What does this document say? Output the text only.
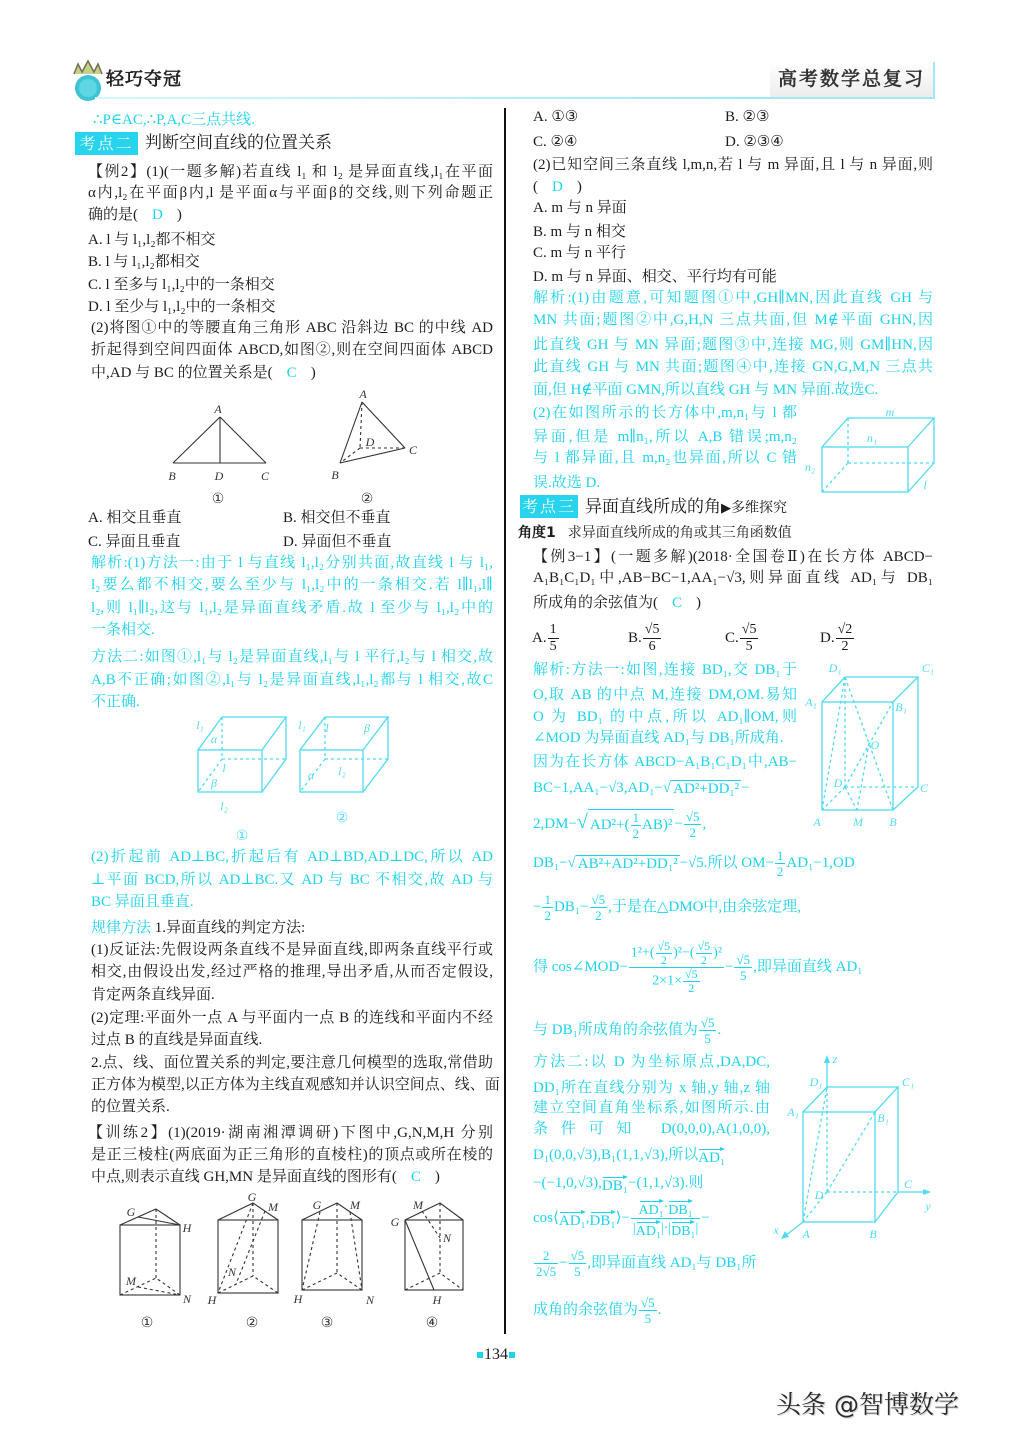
轻巧夺冠	高考数学总复习
∴P∈AC,∴P,A,C三点共线.
考点二 判断空间直线的位置关系
【例2】(1)(一题多解)若直线 l₁ 和 l₂ 是异面直线,l₁在平面
α内,l₂在平面β内,l 是平面α与平面β的交线,则下列命题正
确的是( D )
A. l 与 l₁,l₂都不相交
B. l 与 l₁,l₂都相交
C. l 至多与 l₁,l₂中的一条相交
D. l 至少与 l₁,l₂中的一条相交
(2)将图①中的等腰直角三角形 ABC 沿斜边 BC 的中线 AD
折起得到空间四面体 ABCD,如图②,则在空间四面体 ABCD
中,AD 与 BC 的位置关系是( C )
A. 相交且垂直	B. 相交但不垂直
C. 异面且垂直	D. 异面但不垂直
解析:(1)方法一:由于 l 与直线 l₁,l₂分别共面,故直线 l 与 l₁,
l₂要么都不相交,要么至少与 l₁,l₂中的一条相交.若 l∥l₁,l∥
l₂,则 l₁∥l₂,这与 l₁,l₂是异面直线矛盾.故 l 至少与 l₁,l₂中的
一条相交.
方法二:如图①,l₁与 l₂是异面直线,l₁与 l 平行,l₂与 l 相交,故
A,B不正确;如图②,l₁与 l₂是异面直线,l₁,l₂都与 l 相交,故C
不正确.
(2)折起前 AD⊥BC,折起后有 AD⊥BD,AD⊥DC,所以 AD
⊥平面 BCD,所以 AD⊥BC.又 AD 与 BC 不相交,故 AD 与
BC 异面且垂直.
规律方法 1.异面直线的判定方法:
(1)反证法:先假设两条直线不是异面直线,即两条直线平行或
相交,由假设出发,经过严格的推理,导出矛盾,从而否定假设,
肯定两条直线异面.
(2)定理:平面外一点 A 与平面内一点 B 的连线和平面内不经
过点 B 的直线是异面直线.
2.点、线、面位置关系的判定,要注意几何模型的选取,常借助
正方体为模型,以正方体为主线直观感知并认识空间点、线、面
的位置关系.
【训练2】(1)(2019·湖南湘潭调研)下图中,G,N,M,H 分别
是正三棱柱(两底面为正三角形的直棱柱)的顶点或所在棱的
中点,则表示直线 GH,MN 是异面直线的图形有( C )
A. ①③	B. ②③
C. ②④	D. ②③④
(2)已知空间三条直线 l,m,n,若 l 与 m 异面,且 l 与 n 异面,则
( D )
A. m 与 n 异面
B. m 与 n 相交
C. m 与 n 平行
D. m 与 n 异面、相交、平行均有可能
解析:(1)由题意,可知题图①中,GH∥MN,因此直线 GH 与
MN 共面;题图②中,G,H,N 三点共面,但 M∉平面 GHN,因
此直线 GH 与 MN 异面;题图③中,连接 MG,则 GM∥HN,因
此直线 GH 与 MN 共面;题图④中,连接 GN,G,M,N 三点共
面,但 H∉平面 GMN,所以直线 GH 与 MN 异面.故选C.
(2)在如图所示的长方体中,m,n₁与 l 都
异面,但是 m∥n₁,所以 A,B 错误;m,n₂
与 l 都异面,且 m,n₂也异面,所以 C 错
误.故选 D.
考点三 异面直线所成的角▶多维探究
角度1 求异面直线所成的角或其三角函数值
【例3−1】(一题多解)(2018·全国卷Ⅱ)在长方体 ABCD−
A₁B₁C₁D₁中,AB−BC−1,AA₁−√3,则异面直线 AD₁与 DB₁
所成角的余弦值为( C )
A. $\frac{1}{5}$	B. $\frac{√5}{6}$	C. $\frac{√5}{5}$	D. $\frac{√2}{2}$
解析:方法一:如图,连接 BD₁,交 DB₁于
O,取 AB 的中点 M,连接 DM,OM.易知
O 为 BD₁ 的中点,所以 AD₁∥OM,则
∠MOD 为异面直线 AD₁与 DB₁所成角.
因为在长方体 ABCD−A₁B₁C₁D₁中,AB−
BC−1,AA₁−√3,AD₁−√ AD²+DD₁² −
2,DM−√ $AD^2+( \frac{1}{2} AB)^2 - \frac{√5}{2}$ ,
DB₁−√ AB²+AD²+DD₁² −√5.所以 $OM- \frac{1}{2} AD_1-1,OD$
− $\frac{1}{2} DB_1- \frac{√5}{2}$ ,于是在△DMO中,由余弦定理,
得 cos∠MOD− $\frac{1^2+( \frac{√5}{2} )^2-( \frac{√5}{2} )^2}{2\times 1\times \frac{√5}{2}} - \frac{√5}{5}$ ,即异面直线 AD₁
与 DB₁所成角的余弦值为 $\frac{√5}{5}$ .
方法二:以 D 为坐标原点,DA,DC,
DD₁所在直线分别为 x 轴,y 轴,z 轴
建立空间直角坐标系,如图所示.由
条件可知 D(0,0,0),A(1,0,0),
D₁(0,0,√3),B₁(1,1,√3),所以AD₁
−(−1,0,√3),DB₁−(1,1,√3).则
cos⟨AD₁,DB₁⟩− $\frac{\text{AD₁·DB₁}}{\text{|AD₁|·|DB₁|}}$ −
$\frac{2}{2√5} - \frac{√5}{5}$ ,即异面直线 AD₁与 DB₁所
成角的余弦值为 $\frac{√5}{5}$ .
134
头条 @智博数学
A
B	D	C
①
A
D
C
B
②
l₁
α
l
β
l₂
①
l₁ l	β
α l₂
②
G
H
M
N
①
G
M
N
H
②
G M
H	N
③
M
G
N
H
④
m
n₁
n₂
l
D₁	C₁
A₁	B₁
O
D	C
A	M B
z
D₁	C₁
A₁	B₁
D
C
y
x A	B
